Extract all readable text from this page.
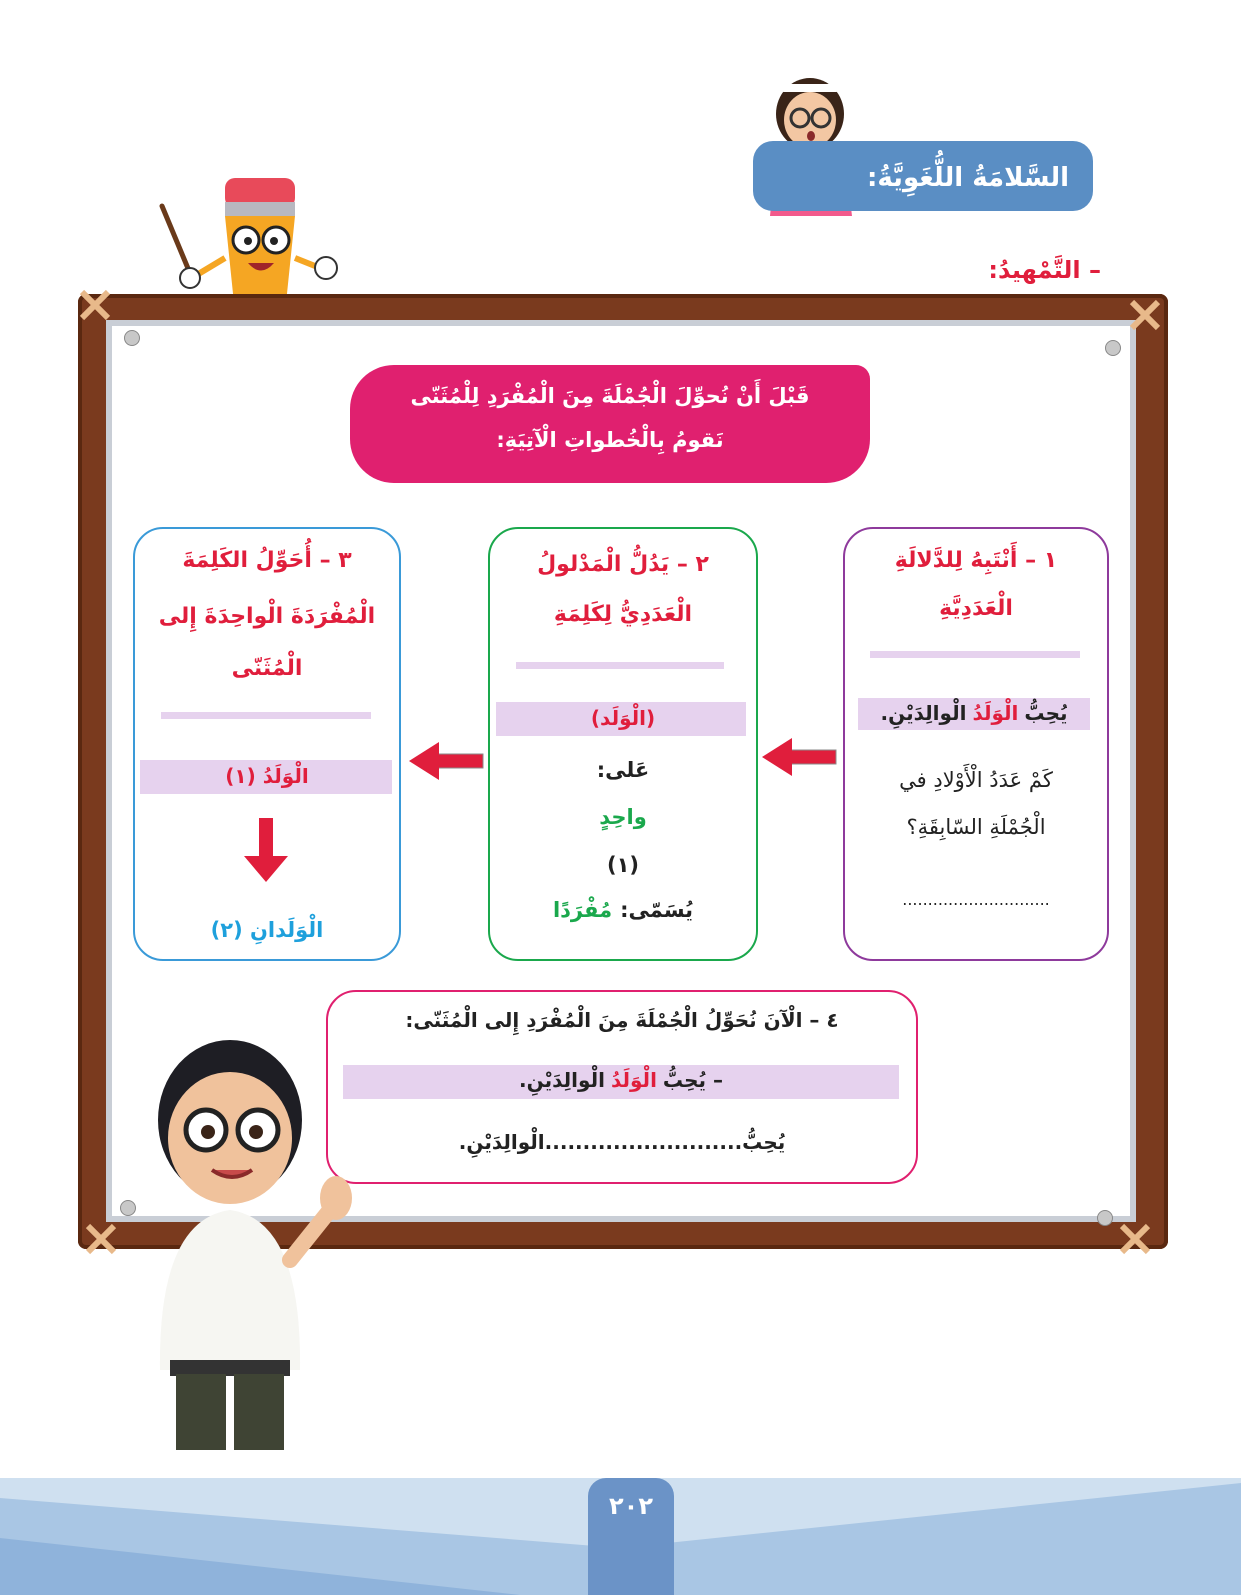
السَّلامَةُ اللُّغَوِيَّةُ:
– التَّمْهيدُ:
قَبْلَ أَنْ نُحوِّلَ الْجُمْلَةَ مِنَ الْمُفْرَدِ لِلْمُثَنّى
نَقومُ بِالْخُطواتِ الْآتِيَةِ:
١ – أَنْتَبِهُ لِلدَّلالَةِ
الْعَدَدِيَّةِ
يُحِبُّ
الْوَلَدُ
الْوالِدَيْنِ.
كَمْ عَدَدُ الْأَوْلادِ في
الْجُمْلَةِ السّابِقَةِ؟
.............................
٢ – يَدُلُّ الْمَدْلولُ
الْعَدَدِيُّ لِكَلِمَةِ
(الْوَلَد)
عَلى:
واحِدٍ
(١)
يُسَمّى:
مُفْرَدًا
٣ – أُحَوِّلُ الكَلِمَةَ
الْمُفْرَدَةَ الْواحِدَةَ إِلى
الْمُثَنّى
الْوَلَدُ (١)
الْوَلَدانِ (٢)
٤ – الْآنَ نُحَوِّلُ الْجُمْلَةَ مِنَ الْمُفْرَدِ إِلى الْمُثَنّى:
– يُحِبُّ
الْوَلَدُ
الْوالِدَيْنِ.
يُحِبُّ..........................الْوالِدَيْنِ.
٢٠٢
